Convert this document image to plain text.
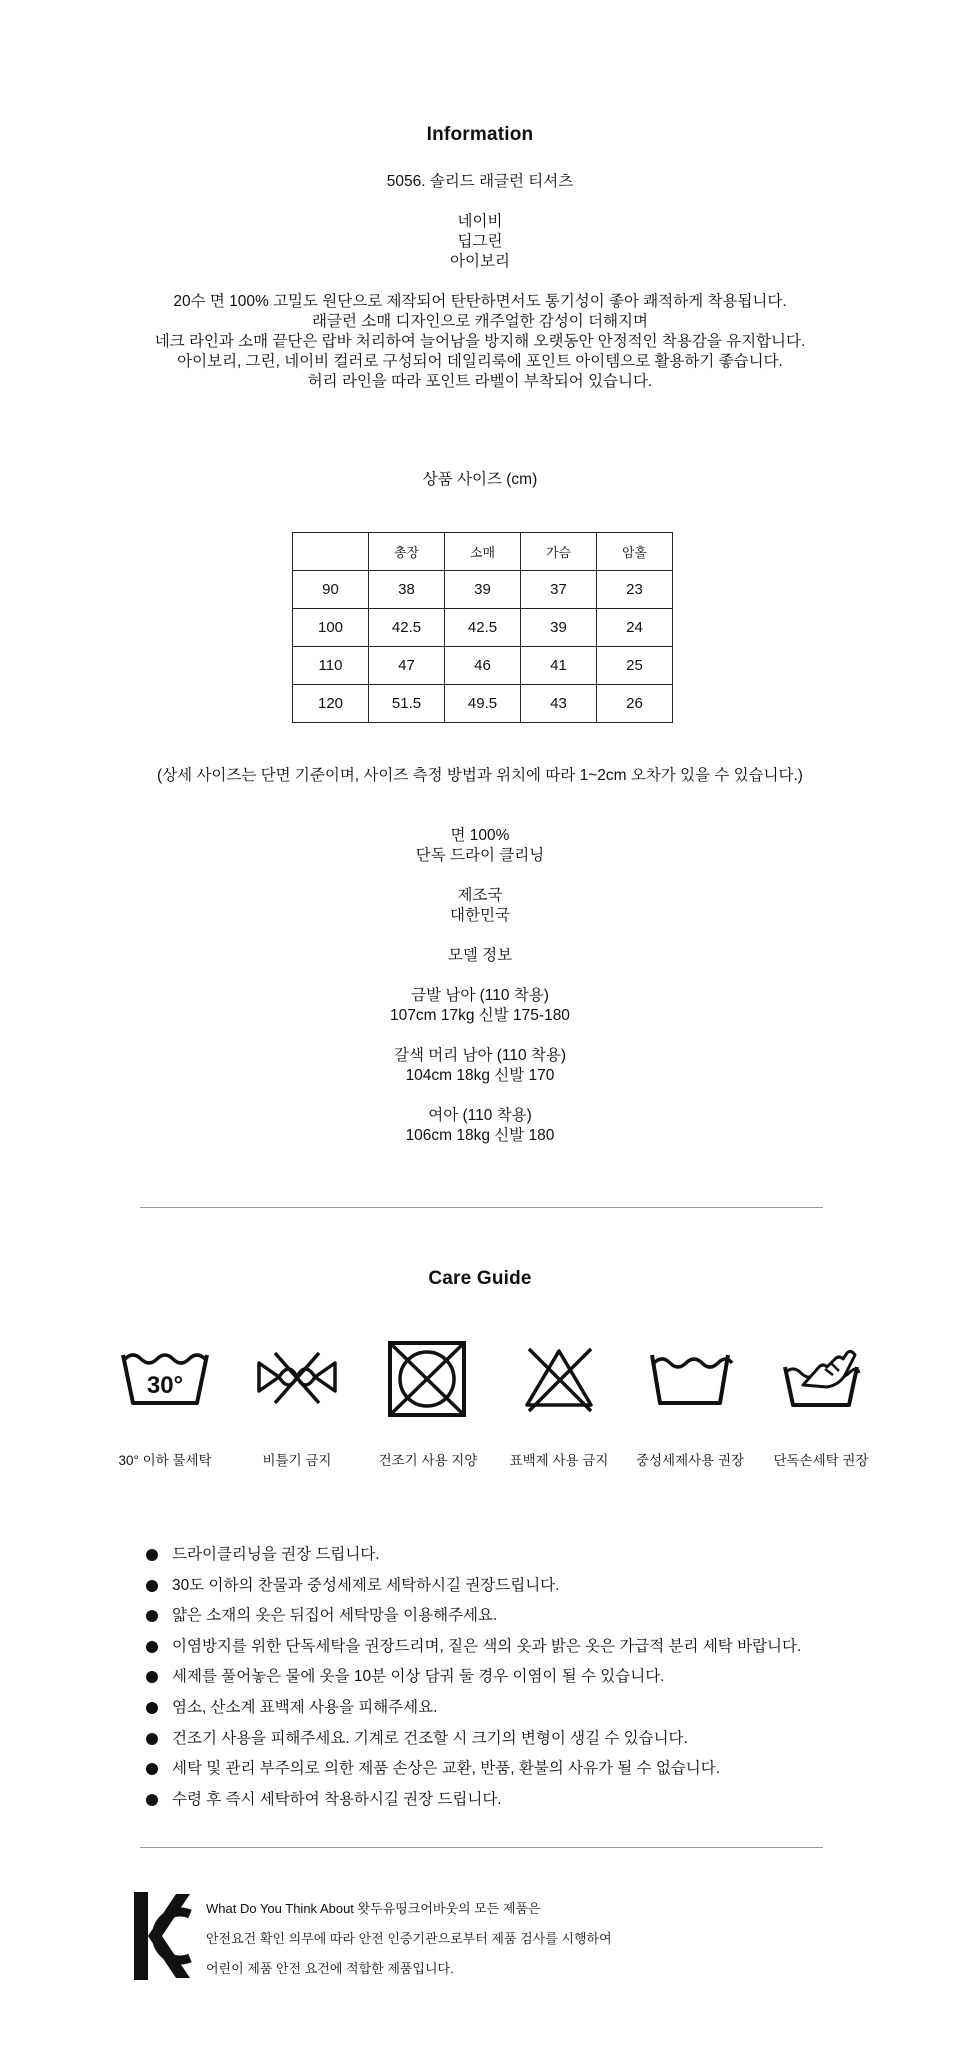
Information
5056. 솔리드 래글런 티셔츠
네이비
딥그린
아이보리
20수 면 100% 고밀도 원단으로 제작되어 탄탄하면서도 통기성이 좋아 쾌적하게 착용됩니다.
래글런 소매 디자인으로 캐주얼한 감성이 더해지며
네크 라인과 소매 끝단은 랍바 처리하여 늘어남을 방지해 오랫동안 안정적인 착용감을 유지합니다.
아이보리, 그린, 네이비 컬러로 구성되어 데일리룩에 포인트 아이템으로 활용하기 좋습니다.
허리 라인을 따라 포인트 라벨이 부착되어 있습니다.
상품 사이즈 (cm)
	총장	소매	가슴	암홀
90	38	39	37	23
100	42.5	42.5	39	24
110	47	46	41	25
120	51.5	49.5	43	26
(상세 사이즈는 단면 기준이며, 사이즈 측정 방법과 위치에 따라 1~2cm 오차가 있을 수 있습니다.)
면 100%
단독 드라이 클리닝
제조국
대한민국
모델 정보
금발 남아 (110 착용)
107cm 17kg 신발 175-180
갈색 머리 남아 (110 착용)
104cm 18kg 신발 170
여아 (110 착용)
106cm 18kg 신발 180
Care Guide
30°
30° 이하 물세탁	비틀기 금지	건조기 사용 지양	표백제 사용 금지	중성세제사용 권장	단독손세탁 권장
드라이클리닝을 권장 드립니다.
30도 이하의 찬물과 중성세제로 세탁하시길 권장드립니다.
얇은 소재의 옷은 뒤집어 세탁망을 이용해주세요.
이염방지를 위한 단독세탁을 권장드리며, 짙은 색의 옷과 밝은 옷은 가급적 분리 세탁 바랍니다.
세제를 풀어놓은 물에 옷을 10분 이상 담궈 둘 경우 이염이 될 수 있습니다.
염소, 산소계 표백제 사용을 피해주세요.
건조기 사용을 피해주세요. 기계로 건조할 시 크기의 변형이 생길 수 있습니다.
세탁 및 관리 부주의로 의한 제품 손상은 교환, 반품, 환불의 사유가 될 수 없습니다.
수령 후 즉시 세탁하여 착용하시길 권장 드립니다.
What Do You Think About 왓두유띵크어바웃의 모든 제품은
안전요건 확인 의무에 따라 안전 인증기관으로부터 제품 검사를 시행하여
어린이 제품 안전 요건에 적합한 제품입니다.
